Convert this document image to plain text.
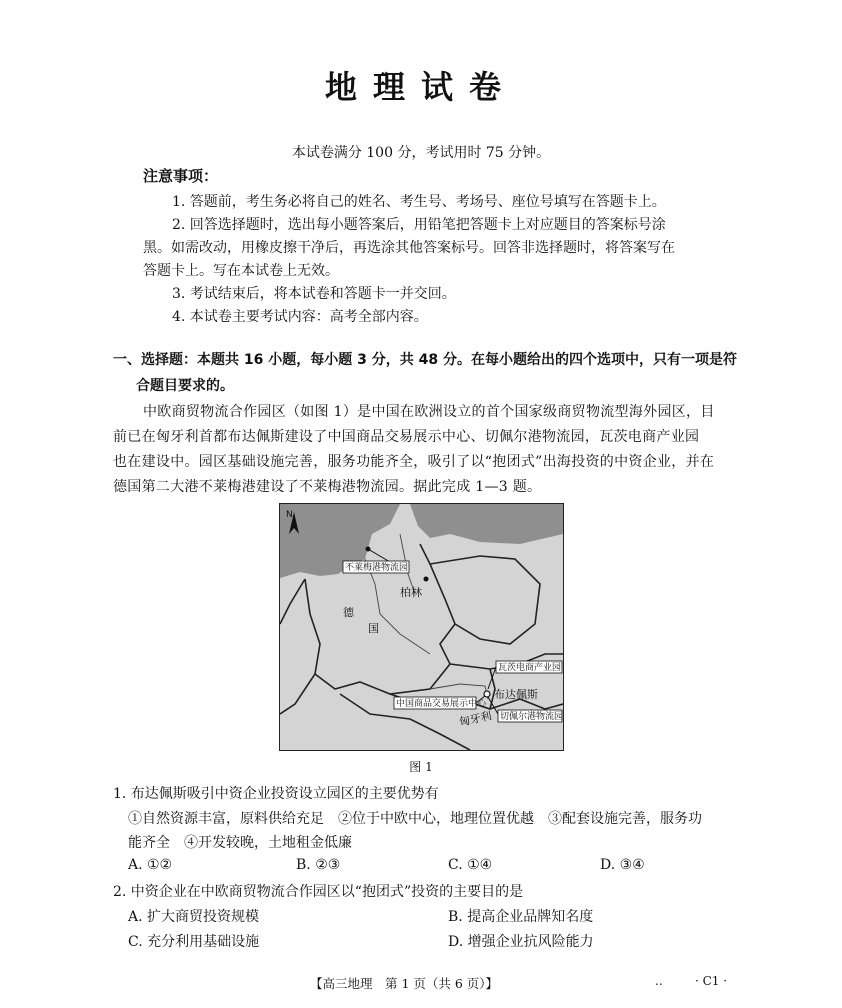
地理试卷
本试卷满分 100 分，考试用时 75 分钟。
注意事项：
1. 答题前，考生务必将自己的姓名、考生号、考场号、座位号填写在答题卡上。
2. 回答选择题时，选出每小题答案后，用铅笔把答题卡上对应题目的答案标号涂
黑。如需改动，用橡皮擦干净后，再选涂其他答案标号。回答非选择题时，将答案写在
答题卡上。写在本试卷上无效。
3. 考试结束后，将本试卷和答题卡一并交回。
4. 本试卷主要考试内容：高考全部内容。
一、选择题：本题共 16 小题，每小题 3 分，共 48 分。在每小题给出的四个选项中，只有一项是符
合题目要求的。
中欧商贸物流合作园区（如图 1）是中国在欧洲设立的首个国家级商贸物流型海外园区，目
前已在匈牙利首都布达佩斯建设了中国商品交易展示中心、切佩尔港物流园，瓦茨电商产业园
也在建设中。园区基础设施完善，服务功能齐全，吸引了以“抱团式”出海投资的中资企业，并在
德国第二大港不莱梅港建设了不莱梅港物流园。据此完成 1—3 题。
N
不莱梅港物流园
柏林
德
国
瓦茨电商产业园
布达佩斯
中国商品交易展示中心
切佩尔港物流园
匈牙利
图 1
1. 布达佩斯吸引中资企业投资设立园区的主要优势有
①自然资源丰富，原料供给充足　②位于中欧中心，地理位置优越　③配套设施完善，服务功
能齐全　④开发较晚，土地租金低廉
A. ①②	B. ②③	C. ①④	D. ③④
2. 中资企业在中欧商贸物流合作园区以“抱团式”投资的主要目的是
A. 扩大商贸投资规模	B. 提高企业品牌知名度
C. 充分利用基础设施	D. 增强企业抗风险能力
【高三地理　第 1 页（共 6 页）】	..	· C1 ·
